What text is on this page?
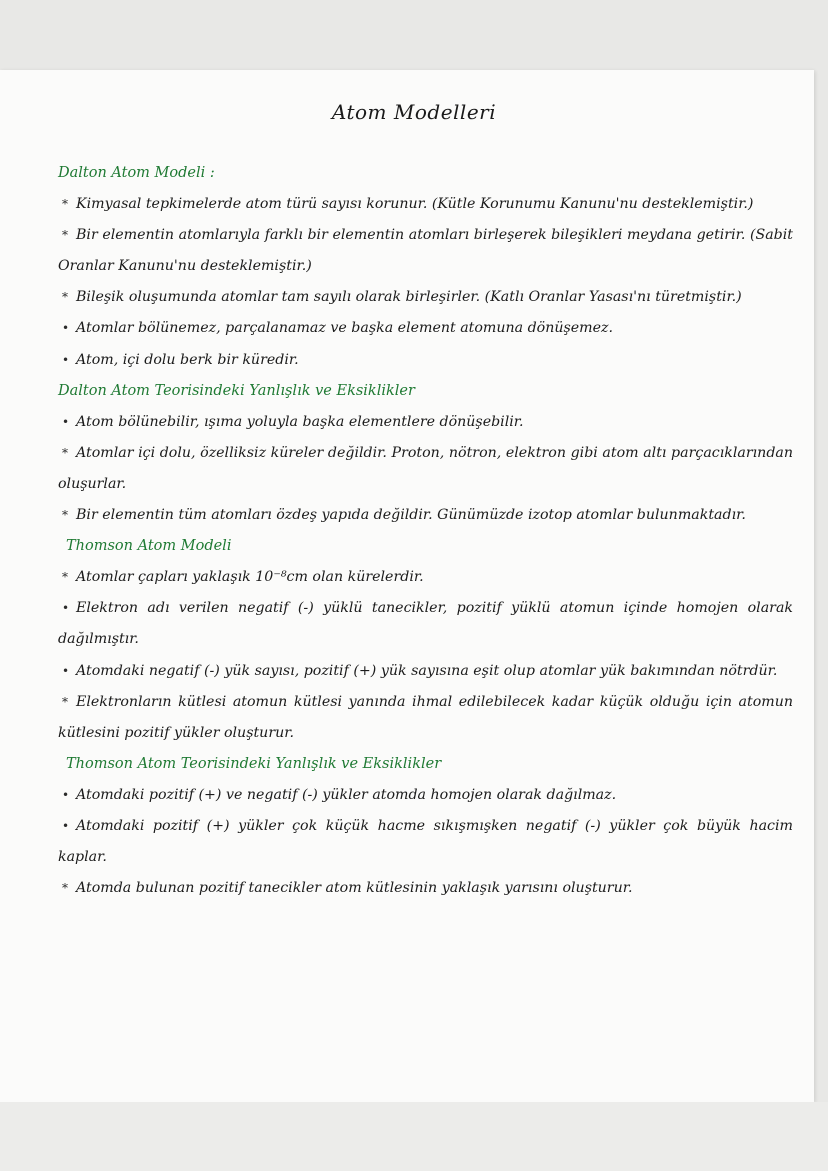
Atom Modelleri
Dalton Atom Modeli :

* Kimyasal tepkimelerde atom türü sayısı korunur. (Kütle Korunumu Kanunu'nu desteklemiştir.)

* Bir elementin atomlarıyla farklı bir elementin atomları birleşerek bileşikleri meydana getirir. (Sabit Oranlar Kanunu'nu desteklemiştir.)

* Bileşik oluşumunda atomlar tam sayılı olarak birleşirler. (Katlı Oranlar Yasası'nı türetmiştir.)

• Atomlar bölünemez, parçalanamaz ve başka element atomuna dönüşemez.

• Atom, içi dolu berk bir küredir.

Dalton Atom Teorisindeki Yanlışlık ve Eksiklikler

• Atom bölünebilir, ışıma yoluyla başka elementlere dönüşebilir.

* Atomlar içi dolu, özelliksiz küreler değildir. Proton, nötron, elektron gibi atom altı parçacıklarından oluşurlar.

* Bir elementin tüm atomları özdeş yapıda değildir. Günümüzde izotop atomlar bulunmaktadır.

Thomson Atom Modeli

* Atomlar çapları yaklaşık 10⁻⁸cm olan kürelerdir.

• Elektron adı verilen negatif (-) yüklü tanecikler, pozitif yüklü atomun içinde homojen olarak dağılmıştır.

• Atomdaki negatif (-) yük sayısı, pozitif (+) yük sayısına eşit olup atomlar yük bakımından nötrdür.

* Elektronların kütlesi atomun kütlesi yanında ihmal edilebilecek kadar küçük olduğu için atomun kütlesini pozitif yükler oluşturur.

Thomson Atom Teorisindeki Yanlışlık ve Eksiklikler

• Atomdaki pozitif (+) ve negatif (-) yükler atomda homojen olarak dağılmaz.

• Atomdaki pozitif (+) yükler çok küçük hacme sıkışmışken negatif (-) yükler çok büyük hacim kaplar.

* Atomda bulunan pozitif tanecikler atom kütlesinin yaklaşık yarısını oluşturur.
